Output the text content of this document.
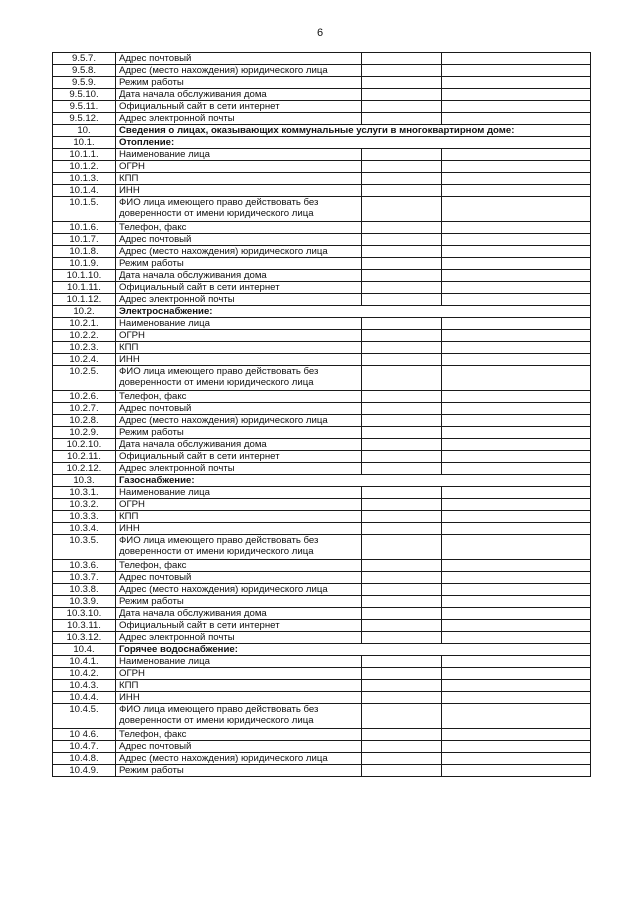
6
9.5.7.	Адрес почтовый		
9.5.8.	Адрес (место нахождения) юридического лица		
9.5.9.	Режим работы		
9.5.10.	Дата начала обслуживания дома		
9.5.11.	Официальный сайт в сети интернет		
9.5.12.	Адрес электронной почты		
10.	Сведения о лицах, оказывающих коммунальные услуги в многоквартирном доме:		
10.1.	Отопление:		
10.1.1.	Наименование лица		
10.1.2.	ОГРН		
10.1.3.	КПП		
10.1.4.	ИНН		
10.1.5.	ФИО лица имеющего право действовать без доверенности от имени юридического лица		
10.1.6.	Телефон, факс		
10.1.7.	Адрес почтовый		
10.1.8.	Адрес (место нахождения) юридического лица		
10.1.9.	Режим работы		
10.1.10.	Дата начала обслуживания дома		
10.1.11.	Официальный сайт в сети интернет		
10.1.12.	Адрес электронной почты		
10.2.	Электроснабжение:		
10.2.1.	Наименование лица		
10.2.2.	ОГРН		
10.2.3.	КПП		
10.2.4.	ИНН		
10.2.5.	ФИО лица имеющего право действовать без доверенности от имени юридического лица		
10.2.6.	Телефон, факс		
10.2.7.	Адрес почтовый		
10.2.8.	Адрес (место нахождения) юридического лица		
10.2.9.	Режим работы		
10.2.10.	Дата начала обслуживания дома		
10.2.11.	Официальный сайт в сети интернет		
10.2.12.	Адрес электронной почты		
10.3.	Газоснабжение:		
10.3.1.	Наименование лица		
10.3.2.	ОГРН		
10.3.3.	КПП		
10.3.4.	ИНН		
10.3.5.	ФИО лица имеющего право действовать без доверенности от имени юридического лица		
10.3.6.	Телефон, факс		
10.3.7.	Адрес почтовый		
10.3.8.	Адрес (место нахождения) юридического лица		
10.3.9.	Режим работы		
10.3.10.	Дата начала обслуживания дома		
10.3.11.	Официальный сайт в сети интернет		
10.3.12.	Адрес электронной почты		
10.4.	Горячее водоснабжение:		
10.4.1.	Наименование лица		
10.4.2.	ОГРН		
10.4.3.	КПП		
10.4.4.	ИНН		
10.4.5.	ФИО лица имеющего право действовать без доверенности от имени юридического лица		
10 4.6.	Телефон, факс		
10.4.7.	Адрес почтовый		
10.4.8.	Адрес (место нахождения) юридического лица		
10.4.9.	Режим работы		
